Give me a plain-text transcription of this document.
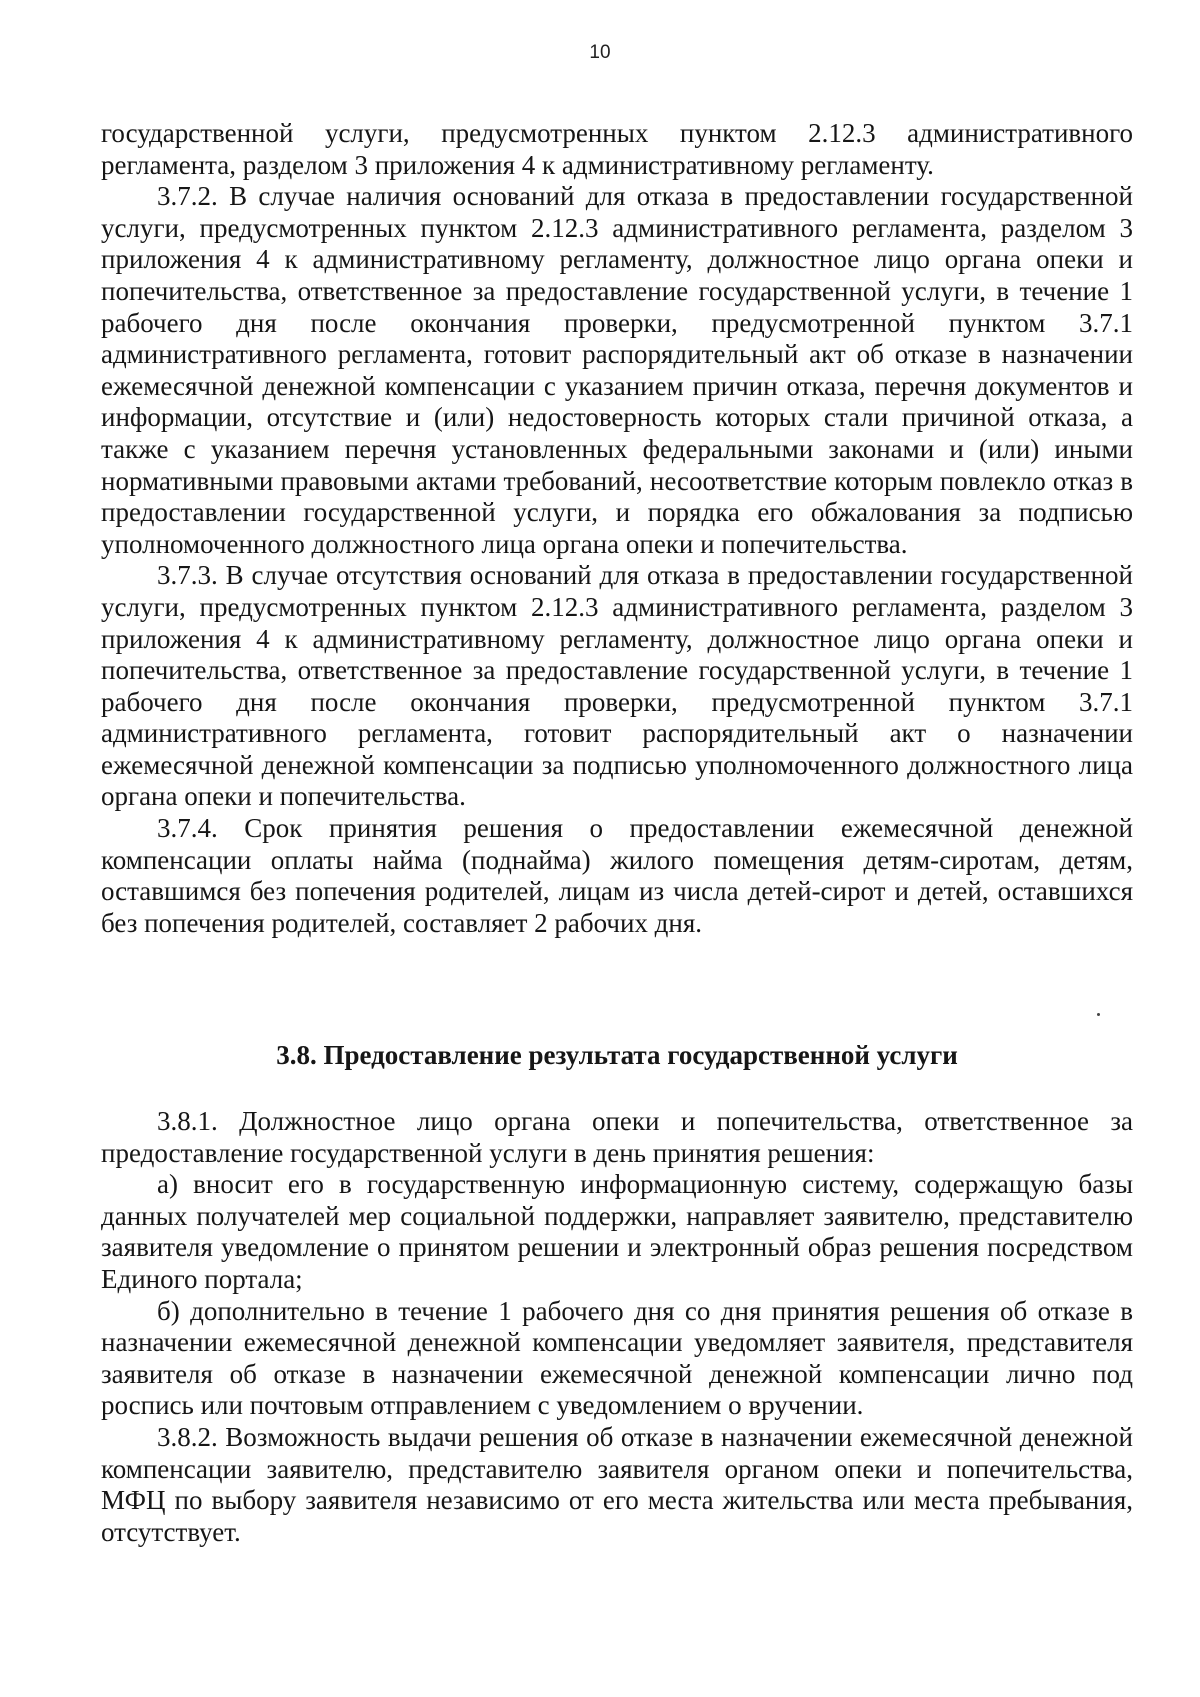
10

государственной услуги, предусмотренных пунктом 2.12.3 административного регламента, разделом 3 приложения 4 к административному регламенту.

3.7.2. В случае наличия оснований для отказа в предоставлении государственной услуги, предусмотренных пунктом 2.12.3 административного регламента, разделом 3 приложения 4 к административному регламенту, должностное лицо органа опеки и попечительства, ответственное за предоставление государственной услуги, в течение 1 рабочего дня после окончания проверки, предусмотренной пунктом 3.7.1 административного регламента, готовит распорядительный акт об отказе в назначении ежемесячной денежной компенсации с указанием причин отказа, перечня документов и информации, отсутствие и (или) недостоверность которых стали причиной отказа, а также с указанием перечня установленных федеральными законами и (или) иными нормативными правовыми актами требований, несоответствие которым повлекло отказ в предоставлении государственной услуги, и порядка его обжалования за подписью уполномоченного должностного лица органа опеки и попечительства.

3.7.3. В случае отсутствия оснований для отказа в предоставлении государственной услуги, предусмотренных пунктом 2.12.3 административного регламента, разделом 3 приложения 4 к административному регламенту, должностное лицо органа опеки и попечительства, ответственное за предоставление государственной услуги, в течение 1 рабочего дня после окончания проверки, предусмотренной пунктом 3.7.1 административного регламента, готовит распорядительный акт о назначении ежемесячной денежной компенсации за подписью уполномоченного должностного лица органа опеки и попечительства.

3.7.4. Срок принятия решения о предоставлении ежемесячной денежной компенсации оплаты найма (поднайма) жилого помещения детям-сиротам, детям, оставшимся без попечения родителей, лицам из числа детей-сирот и детей, оставшихся без попечения родителей, составляет 2 рабочих дня.

3.8. Предоставление результата государственной услуги

3.8.1. Должностное лицо органа опеки и попечительства, ответственное за предоставление государственной услуги в день принятия решения:

а) вносит его в государственную информационную систему, содержащую базы данных получателей мер социальной поддержки, направляет заявителю, представителю заявителя уведомление о принятом решении и электронный образ решения посредством Единого портала;

б) дополнительно в течение 1 рабочего дня со дня принятия решения об отказе в назначении ежемесячной денежной компенсации уведомляет заявителя, представителя заявителя об отказе в назначении ежемесячной денежной компенсации лично под роспись или почтовым отправлением с уведомлением о вручении.

3.8.2. Возможность выдачи решения об отказе в назначении ежемесячной денежной компенсации заявителю, представителю заявителя органом опеки и попечительства, МФЦ по выбору заявителя независимо от его места жительства или места пребывания, отсутствует.
